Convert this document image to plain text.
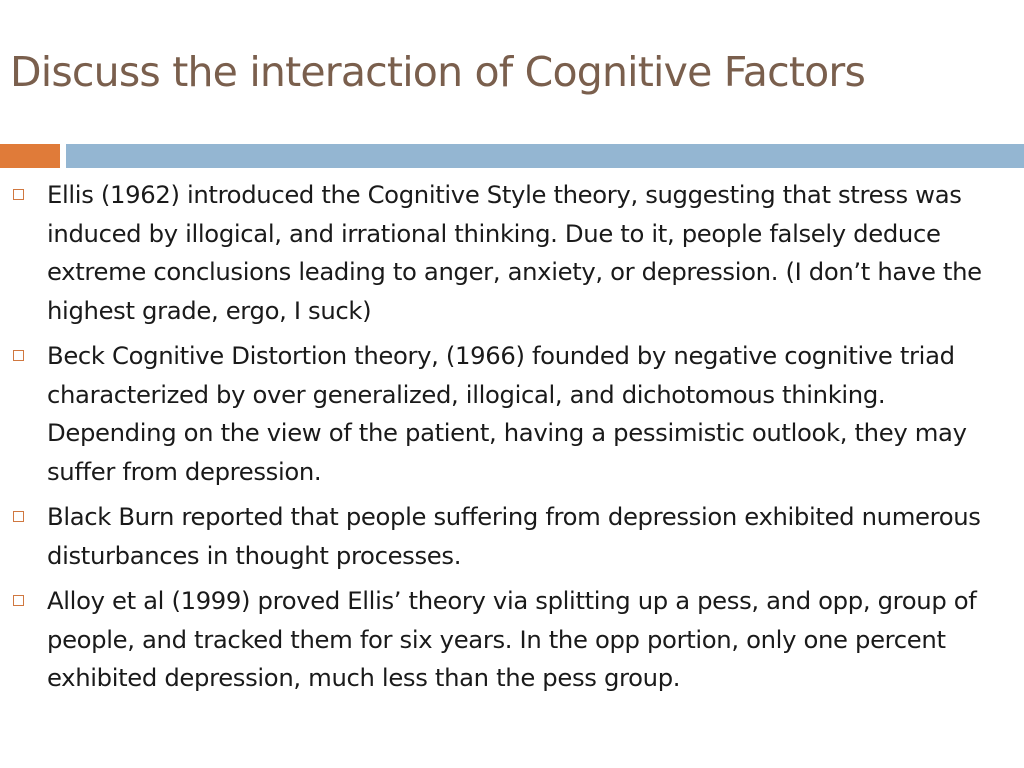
Discuss the interaction of Cognitive Factors
Ellis (1962) introduced the Cognitive Style theory, suggesting that stress was induced by illogical, and irrational thinking. Due to it, people falsely deduce extreme conclusions leading to anger, anxiety, or depression. (I don’t have the highest grade, ergo, I suck)
Beck Cognitive Distortion theory, (1966) founded by negative cognitive triad characterized by over generalized, illogical, and dichotomous thinking. Depending on the view of the patient, having a pessimistic outlook, they may suffer from depression.
Black Burn reported that people suffering from depression exhibited numerous disturbances in thought processes.
Alloy et al (1999) proved Ellis’ theory via splitting up a pess, and opp, group of people, and tracked them for six years. In the opp portion, only one percent exhibited depression, much less than the pess group.
